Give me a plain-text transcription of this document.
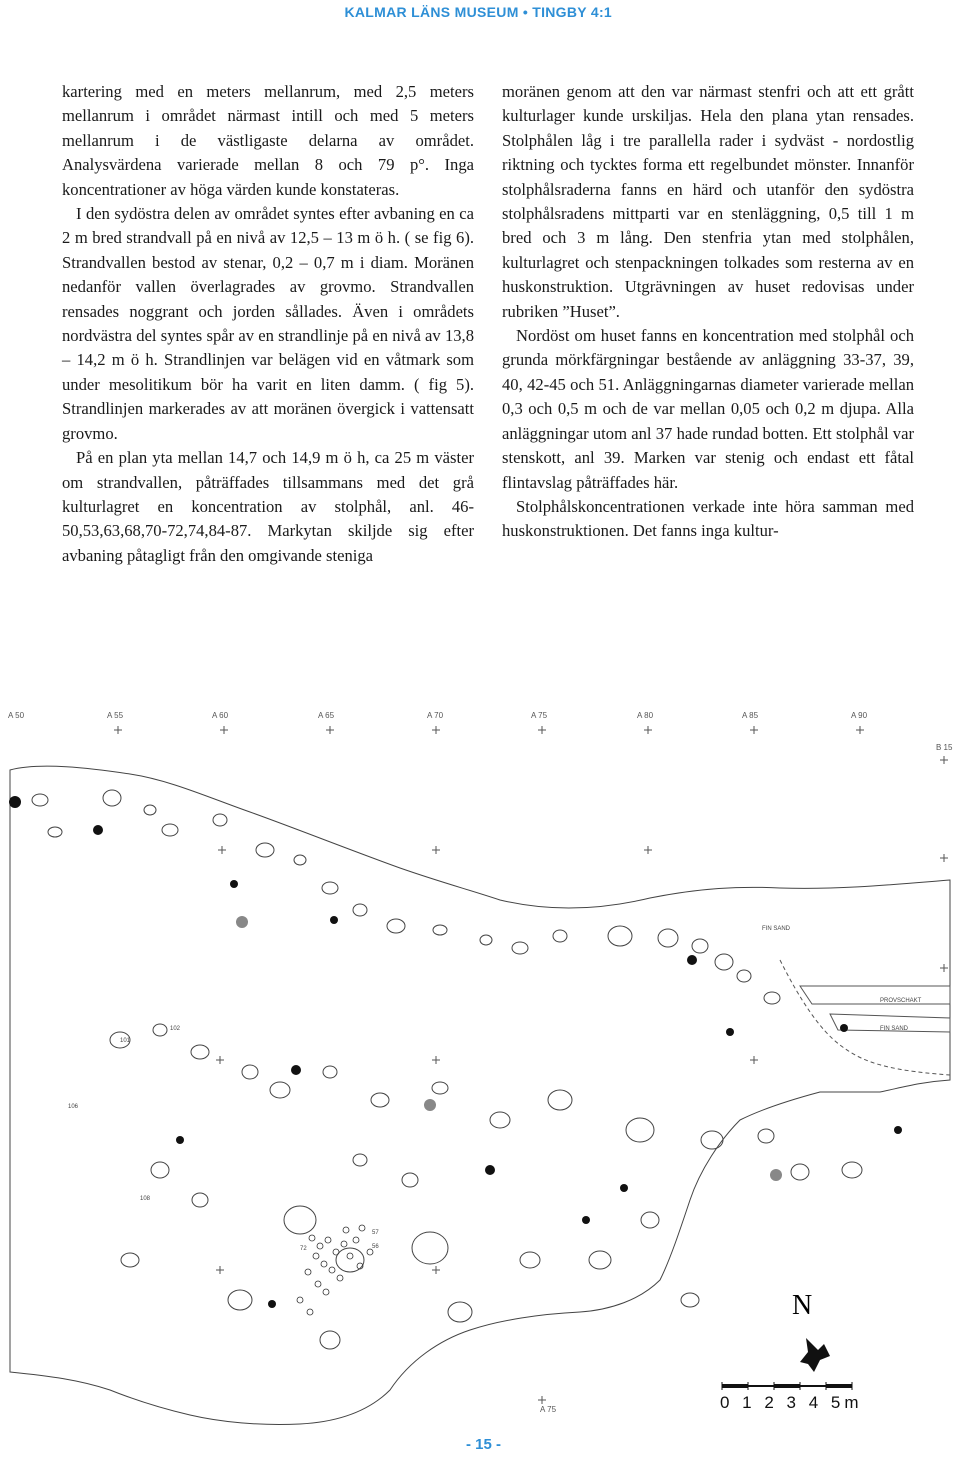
KALMAR LÄNS MUSEUM • TINGBY 4:1

kartering med en meters mellanrum, med 2,5 meters mellanrum i området närmast intill och med 5 meters mellanrum i de västligaste delarna av området. Analysvärdena varierade mellan 8 och 79 p°. Inga koncentrationer av höga värden kunde konstateras.

I den sydöstra delen av området syntes efter avbaning en ca 2 m bred strandvall på en nivå av 12,5 – 13 m ö h. ( se fig 6). Strandvallen bestod av stenar, 0,2 – 0,7 m i diam. Moränen nedanför vallen överlagrades av grovmo. Strandvallen rensades noggrant och jorden sållades. Även i områdets nordvästra del syntes spår av en strandlinje på en nivå av 13,8 – 14,2 m ö h. Strandlinjen var belägen vid en våtmark som under mesolitikum bör ha varit en liten damm. ( fig 5). Strandlinjen markerades av att moränen övergick i vattensatt grovmo.

På en plan yta mellan 14,7 och 14,9 m ö h, ca 25 m väster om strandvallen, påträffades tillsammans med det grå kulturlagret en koncentration av stolphål, anl. 46-50,53,63,68,70-72,74,84-87. Markytan skiljde sig efter avbaning påtagligt från den omgivande steniga

moränen genom att den var närmast stenfri och att ett grått kulturlager kunde urskiljas. Hela den plana ytan rensades. Stolphålen låg i tre parallella rader i sydväst - nordostlig riktning och tycktes forma ett regelbundet mönster. Innanför stolphålsraderna fanns en härd och utanför den sydöstra stolphålsradens mittparti var en stenläggning, 0,5 till 1 m bred och 3 m lång. Den stenfria ytan med stolphålen, kulturlagret och stenpackningen tolkades som resterna av en huskonstruktion. Utgrävningen av huset redovisas under rubriken ”Huset”.

Nordöst om huset fanns en koncentration med stolphål och grunda mörkfärgningar bestående av anläggning 33-37, 39, 40, 42-45 och 51. Anläggningarnas diameter varierade mellan 0,3 och 0,5 m och de var mellan 0,05 och 0,2 m djupa. Alla anläggningar utom anl 37 hade rundad botten. Ett stolphål var stenskott, anl 39. Marken var stenig och endast ett fåtal flintavslag påträffades här.

Stolphålskoncentrationen verkade inte höra samman med huskonstruktionen. Det fanns inga kultur-

A 50	A 55	A 60	A 65	A 70	A 75	A 80	A 85	A 90
B 15
A 75
FIN SAND
PROVSCHAKT
FIN SAND
101
102
106
108
72
57
56
N
0 1 2 3 4 5m
- 15 -
